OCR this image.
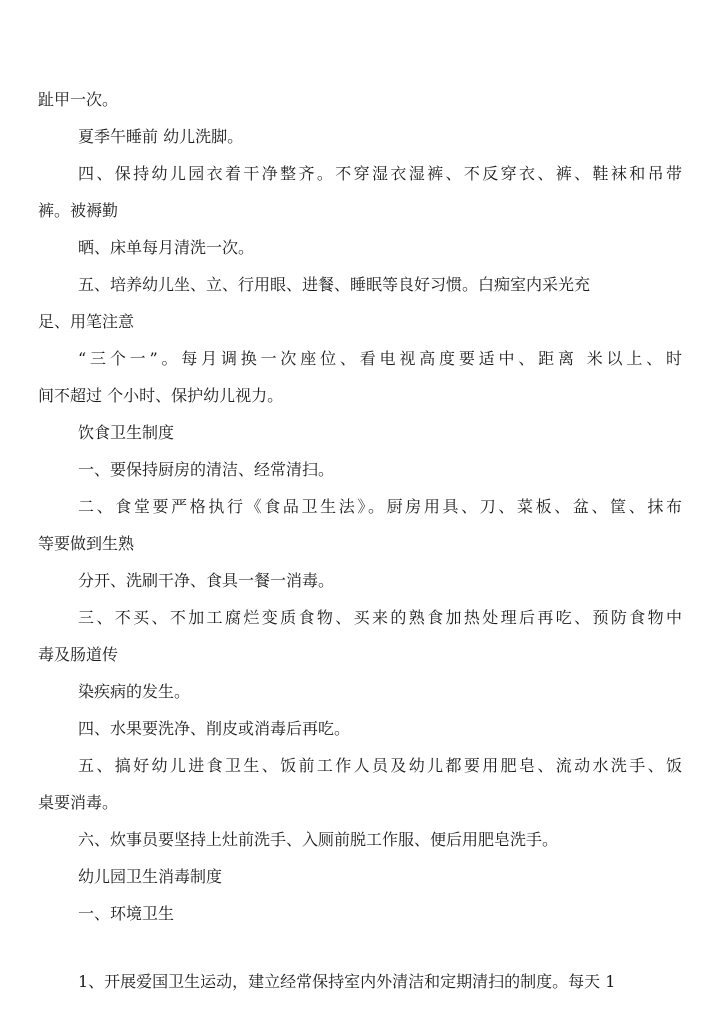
趾甲一次。

夏季午睡前 幼儿洗脚。

四、保持幼儿园衣着干净整齐。不穿湿衣湿裤、不反穿衣、裤、鞋袜和吊带

裤。被褥勤

晒、床单每月清洗一次。

五、培养幼儿坐、立、行用眼、进餐、睡眠等良好习惯。白痴室内采光充

足、用笔注意

“三个一”。每月调换一次座位、看电视高度要适中、距离 米以上、时

间不超过 个小时、保护幼儿视力。

饮食卫生制度

一、要保持厨房的清洁、经常清扫。

二、食堂要严格执行《食品卫生法》。厨房用具、刀、菜板、盆、筐、抹布

等要做到生熟

分开、洗刷干净、食具一餐一消毒。

三、不买、不加工腐烂变质食物、买来的熟食加热处理后再吃、预防食物中

毒及肠道传

染疾病的发生。

四、水果要洗净、削皮或消毒后再吃。

五、搞好幼儿进食卫生、饭前工作人员及幼儿都要用肥皂、流动水洗手、饭

桌要消毒。

六、炊事员要坚持上灶前洗手、入厕前脱工作服、便后用肥皂洗手。

幼儿园卫生消毒制度

一、环境卫生

1、开展爱国卫生运动，建立经常保持室内外清洁和定期清扫的制度。每天 1
